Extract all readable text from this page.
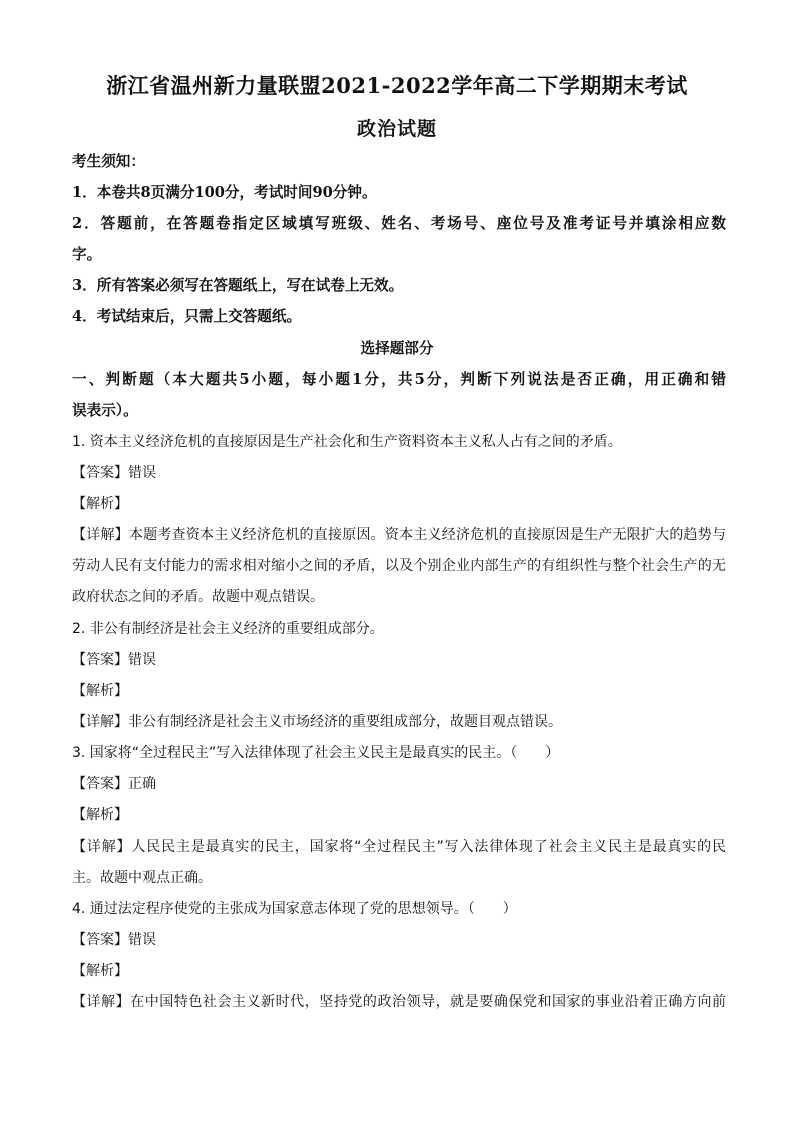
浙江省温州新力量联盟2021-2022学年高二下学期期末考试
政治试题
考生须知：
1．本卷共8页满分100分，考试时间90分钟。
2．答题前，在答题卷指定区域填写班级、姓名、考场号、座位号及准考证号并填涂相应数
字。
3．所有答案必须写在答题纸上，写在试卷上无效。
4．考试结束后，只需上交答题纸。
选择题部分
一、判断题（本大题共5小题，每小题1分，共5分，判断下列说法是否正确，用正确和错
误表示）。
1. 资本主义经济危机的直接原因是生产社会化和生产资料资本主义私人占有之间的矛盾。
【答案】错误
【解析】
【详解】本题考查资本主义经济危机的直接原因。资本主义经济危机的直接原因是生产无限扩大的趋势与
劳动人民有支付能力的需求相对缩小之间的矛盾，以及个别企业内部生产的有组织性与整个社会生产的无
政府状态之间的矛盾。故题中观点错误。
2. 非公有制经济是社会主义经济的重要组成部分。
【答案】错误
【解析】
【详解】非公有制经济是社会主义市场经济的重要组成部分，故题目观点错误。
3. 国家将“全过程民主”写入法律体现了社会主义民主是最真实的民主。（　　）
【答案】正确
【解析】
【详解】人民民主是最真实的民主，国家将“全过程民主”写入法律体现了社会主义民主是最真实的民
主。故题中观点正确。
4. 通过法定程序使党的主张成为国家意志体现了党的思想领导。（　　）
【答案】错误
【解析】
【详解】在中国特色社会主义新时代，坚持党的政治领导，就是要确保党和国家的事业沿着正确方向前
